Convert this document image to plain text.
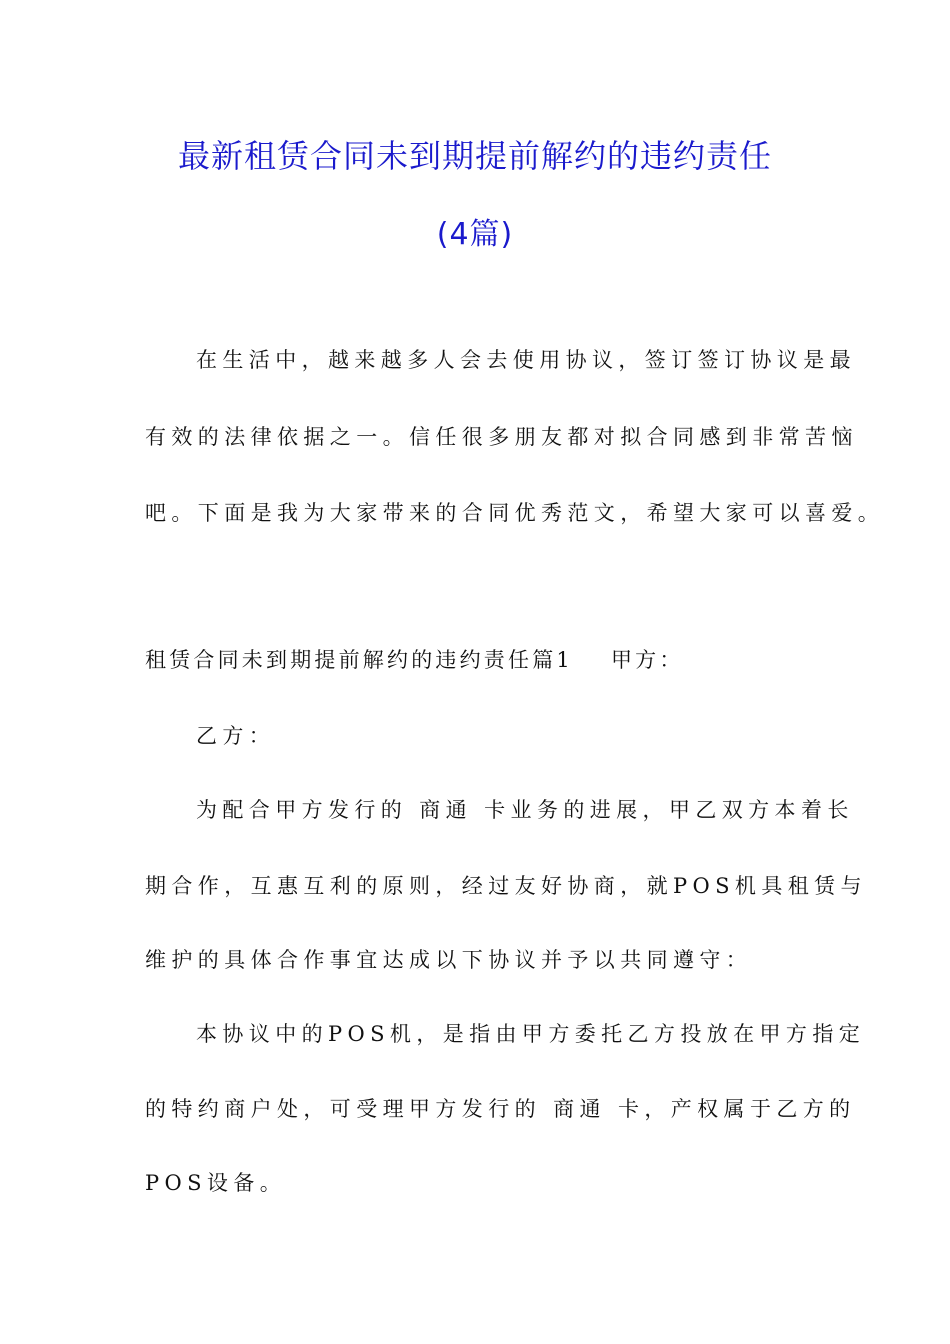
最新租赁合同未到期提前解约的违约责任
(4篇)
在生活中，越来越多人会去使用协议，签订签订协议是最
有效的法律依据之一。信任很多朋友都对拟合同感到非常苦恼
吧。下面是我为大家带来的合同优秀范文，希望大家可以喜爱。
租赁合同未到期提前解约的违约责任篇1 甲方：
乙方：
为配合甲方发行的 商通 卡业务的进展，甲乙双方本着长
期合作，互惠互利的原则，经过友好协商，就POS机具租赁与
维护的具体合作事宜达成以下协议并予以共同遵守：
本协议中的POS机，是指由甲方委托乙方投放在甲方指定
的特约商户处，可受理甲方发行的 商通 卡，产权属于乙方的
POS设备。
